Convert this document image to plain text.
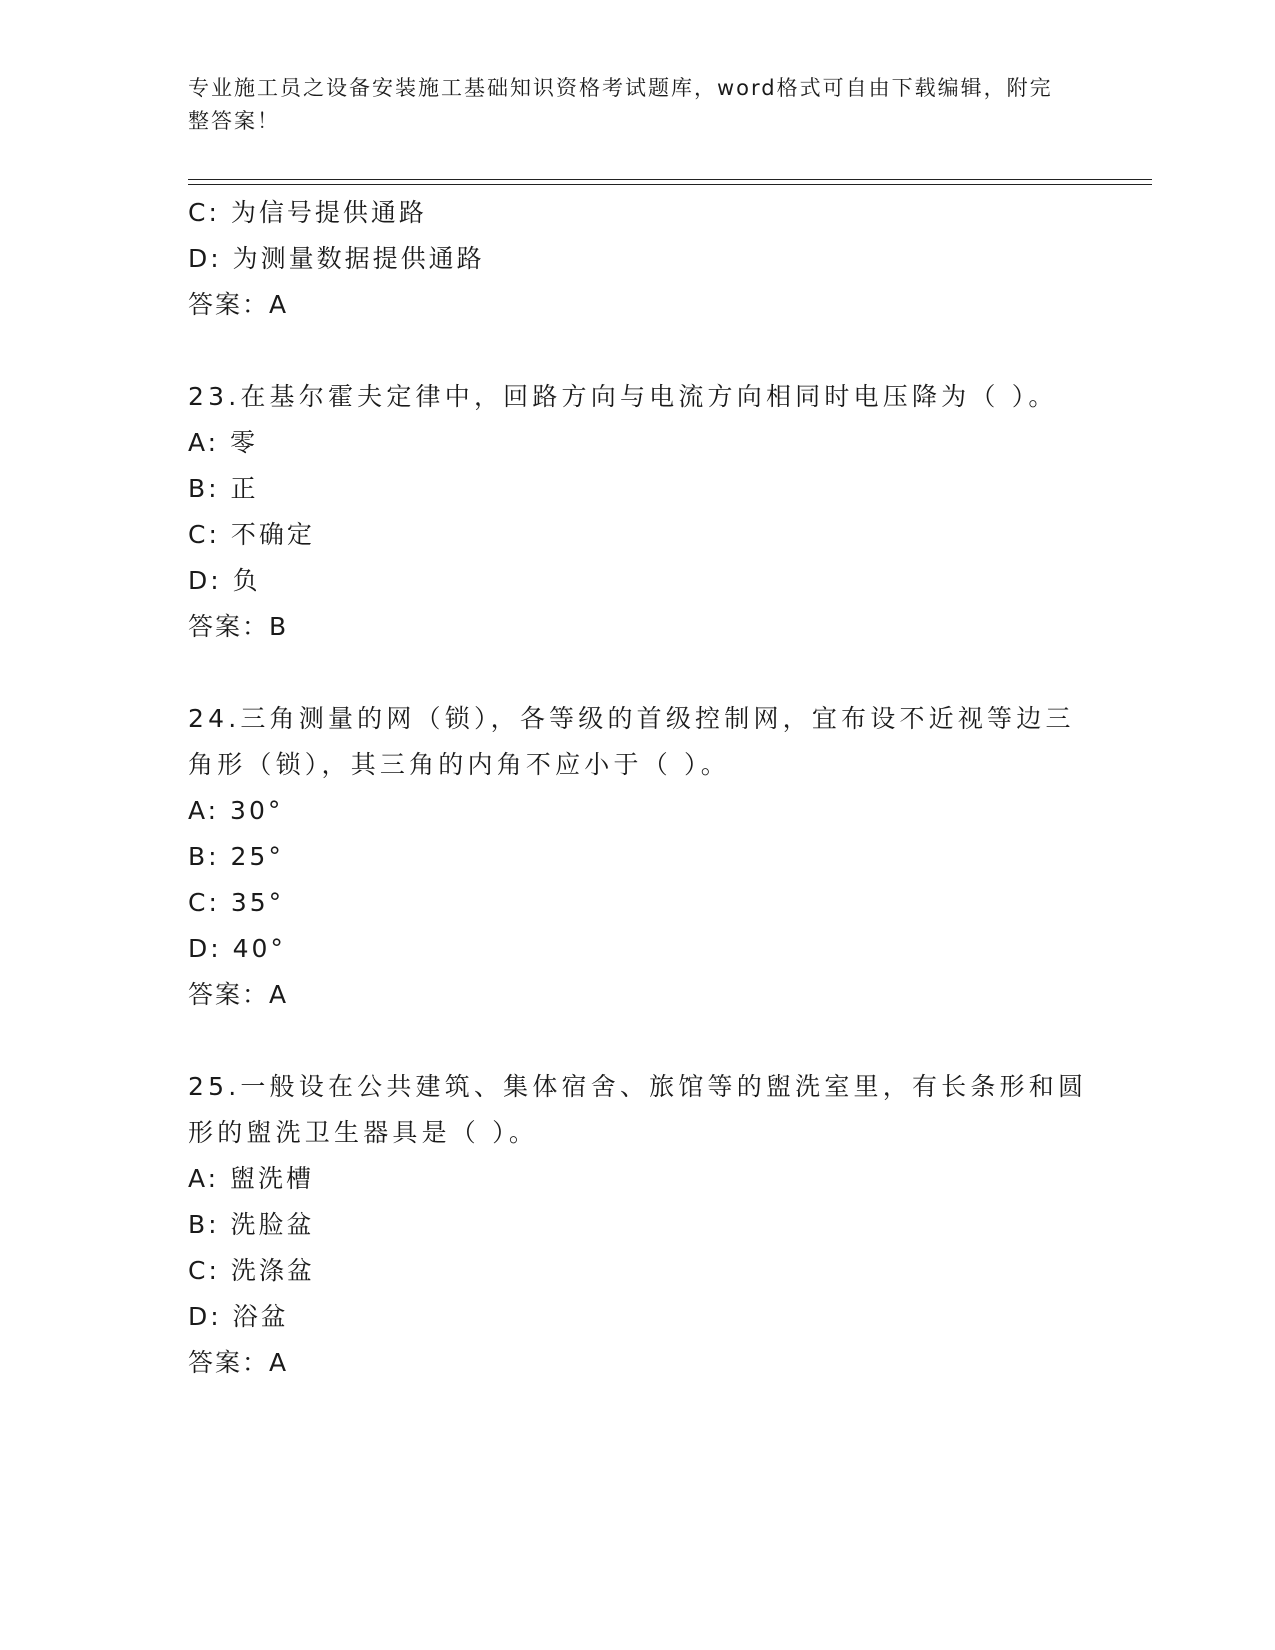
专业施工员之设备安装施工基础知识资格考试题库，word格式可自由下载编辑，附完整答案！
C: 为信号提供通路
D: 为测量数据提供通路
答案：A
23.在基尔霍夫定律中，回路方向与电流方向相同时电压降为（ ）。
A: 零
B: 正
C: 不确定
D: 负
答案：B
24.三角测量的网（锁），各等级的首级控制网，宜布设不近视等边三角形（锁），其三角的内角不应小于（ ）。
A: 30°
B: 25°
C: 35°
D: 40°
答案：A
25.一般设在公共建筑、集体宿舍、旅馆等的盥洗室里，有长条形和圆形的盥洗卫生器具是（ ）。
A: 盥洗槽
B: 洗脸盆
C: 洗涤盆
D: 浴盆
答案：A
